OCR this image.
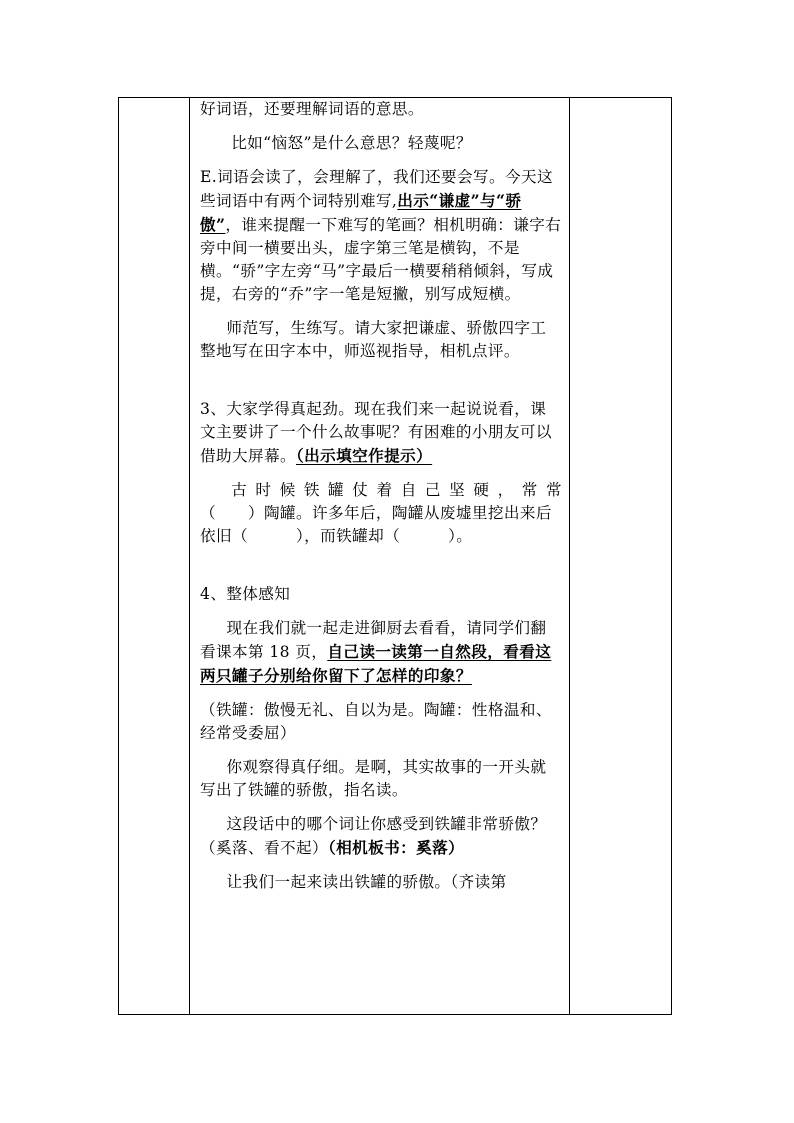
好词语，还要理解词语的意思。

比如“恼怒”是什么意思？轻蔑呢？

E.词语会读了，会理解了，我们还要会写。今天这些词语中有两个词特别难写,出示“谦虚”与“骄傲”，谁来提醒一下难写的笔画？相机明确：谦字右旁中间一横要出头，虚字第三笔是横钩，不是横。“骄”字左旁“马”字最后一横要稍稍倾斜，写成提，右旁的“乔”字一笔是短撇，别写成短横。

师范写，生练写。请大家把谦虚、骄傲四字工整地写在田字本中，师巡视指导，相机点评。

3、大家学得真起劲。现在我们来一起说说看，课文主要讲了一个什么故事呢？有困难的小朋友可以借助大屏幕。（出示填空作提示）

古时候铁罐仗着自己坚硬，常常

（　　）陶罐。许多年后，陶罐从废墟里挖出来后依旧（　　　），而铁罐却（　　　）。

4、整体感知

现在我们就一起走进御厨去看看，请同学们翻看课本第 18 页，自己读一读第一自然段，看看这两只罐子分别给你留下了怎样的印象？

（铁罐：傲慢无礼、自以为是。陶罐：性格温和、经常受委屈）

你观察得真仔细。是啊，其实故事的一开头就写出了铁罐的骄傲，指名读。

这段话中的哪个词让你感受到铁罐非常骄傲？（奚落、看不起）（相机板书：奚落）

让我们一起来读出铁罐的骄傲。（齐读第
